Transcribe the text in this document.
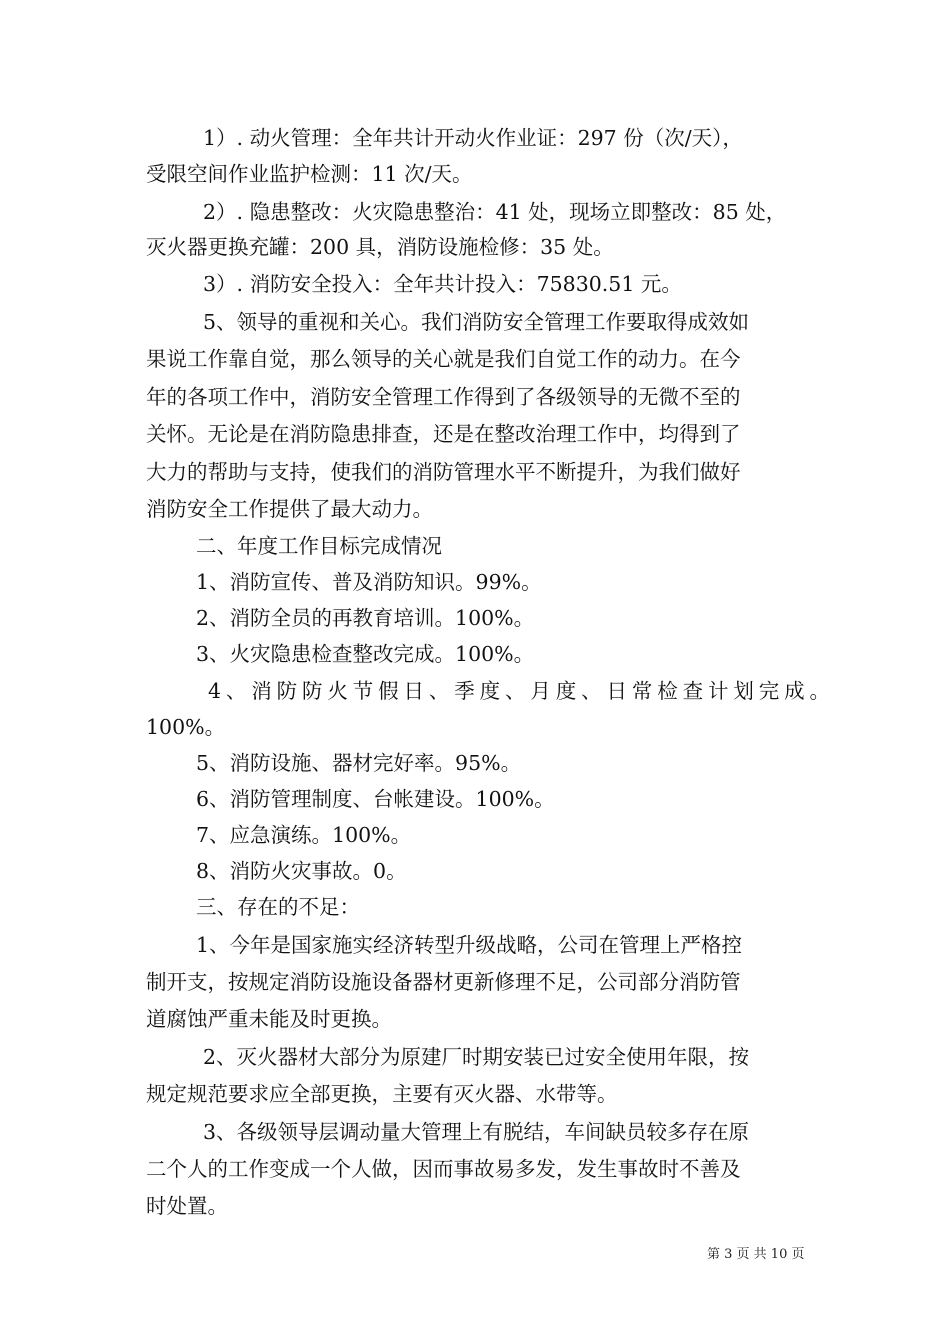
1）. 动火管理：全年共计开动火作业证：297 份（次/天），
受限空间作业监护检测：11 次/天。
2）. 隐患整改：火灾隐患整治：41 处，现场立即整改：85 处，
灭火器更换充罐：200 具，消防设施检修：35 处。
3）. 消防安全投入：全年共计投入：75830.51 元。
5、领导的重视和关心。我们消防安全管理工作要取得成效如
果说工作靠自觉，那么领导的关心就是我们自觉工作的动力。在今
年的各项工作中，消防安全管理工作得到了各级领导的无微不至的
关怀。无论是在消防隐患排查，还是在整改治理工作中，均得到了
大力的帮助与支持，使我们的消防管理水平不断提升，为我们做好
消防安全工作提供了最大动力。
二、年度工作目标完成情况
1、消防宣传、普及消防知识。99%。
2、消防全员的再教育培训。100%。
3、火灾隐患检查整改完成。100%。
4、消防防火节假日、季度、月度、日常检查计划完成。
100%。
5、消防设施、器材完好率。95%。
6、消防管理制度、台帐建设。100%。
7、应急演练。100%。
8、消防火灾事故。0。
三、存在的不足：
1、今年是国家施实经济转型升级战略，公司在管理上严格控
制开支，按规定消防设施设备器材更新修理不足，公司部分消防管
道腐蚀严重未能及时更换。
2、灭火器材大部分为原建厂时期安装已过安全使用年限，按
规定规范要求应全部更换，主要有灭火器、水带等。
3、各级领导层调动量大管理上有脱结，车间缺员较多存在原
二个人的工作变成一个人做，因而事故易多发，发生事故时不善及
时处置。
第 3 页 共 10 页
